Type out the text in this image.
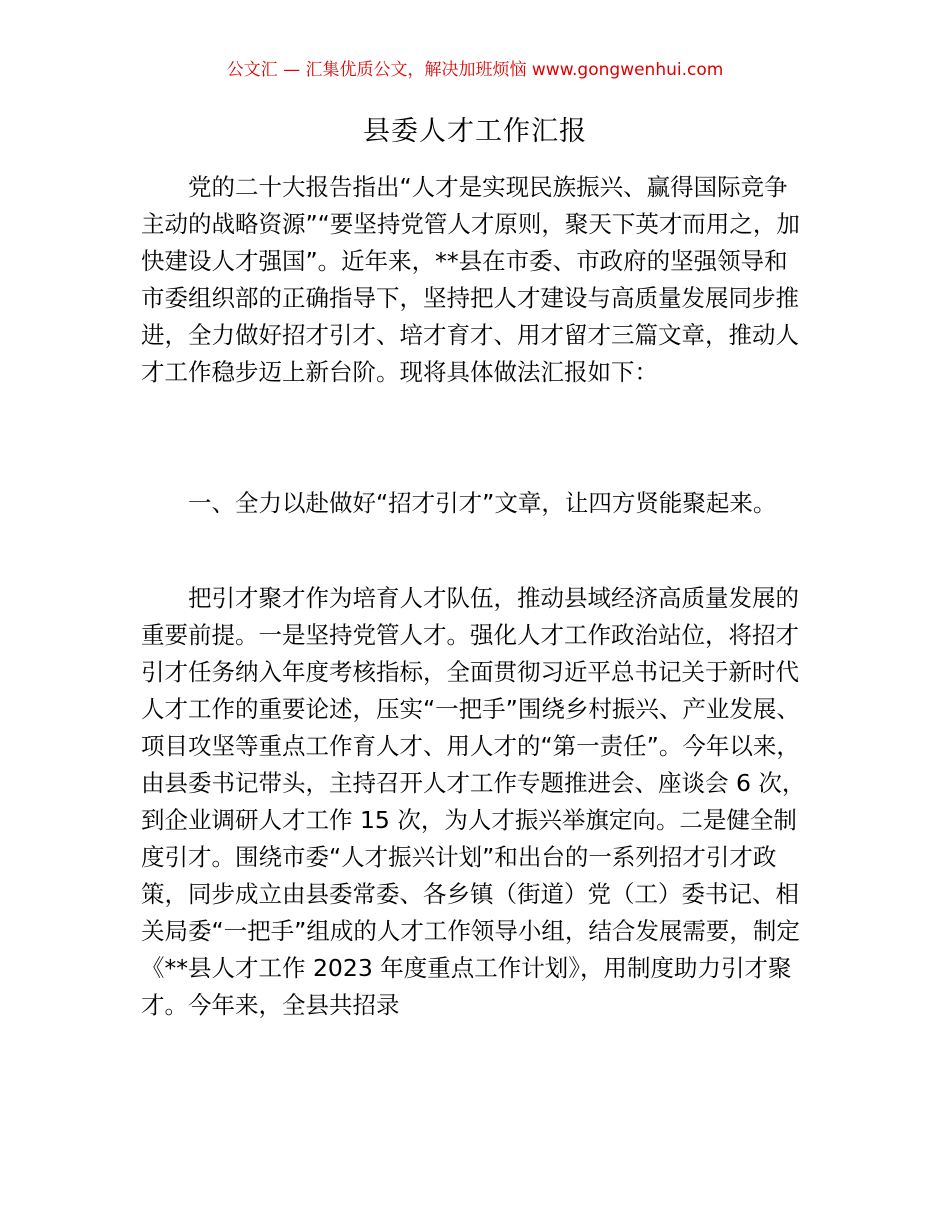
公文汇 — 汇集优质公文，解决加班烦恼 www.gongwenhui.com
县委人才工作汇报

党的二十大报告指出“人才是实现民族振兴、赢得国际竞争主动的战略资源”“要坚持党管人才原则，聚天下英才而用之，加快建设人才强国”。近年来，**县在市委、市政府的坚强领导和市委组织部的正确指导下，坚持把人才建设与高质量发展同步推进，全力做好招才引才、培才育才、用才留才三篇文章，推动人才工作稳步迈上新台阶。现将具体做法汇报如下：

一、全力以赴做好“招才引才”文章，让四方贤能聚起来。

把引才聚才作为培育人才队伍，推动县域经济高质量发展的重要前提。一是坚持党管人才。强化人才工作政治站位，将招才引才任务纳入年度考核指标，全面贯彻习近平总书记关于新时代人才工作的重要论述，压实“一把手”围绕乡村振兴、产业发展、项目攻坚等重点工作育人才、用人才的“第一责任”。今年以来，由县委书记带头，主持召开人才工作专题推进会、座谈会 6 次，到企业调研人才工作 15 次，为人才振兴举旗定向。二是健全制度引才。围绕市委“人才振兴计划”和出台的一系列招才引才政策，同步成立由县委常委、各乡镇（街道）党（工）委书记、相关局委“一把手”组成的人才工作领导小组，结合发展需要，制定《**县人才工作 2023 年度重点工作计划》，用制度助力引才聚才。今年来，全县共招录
